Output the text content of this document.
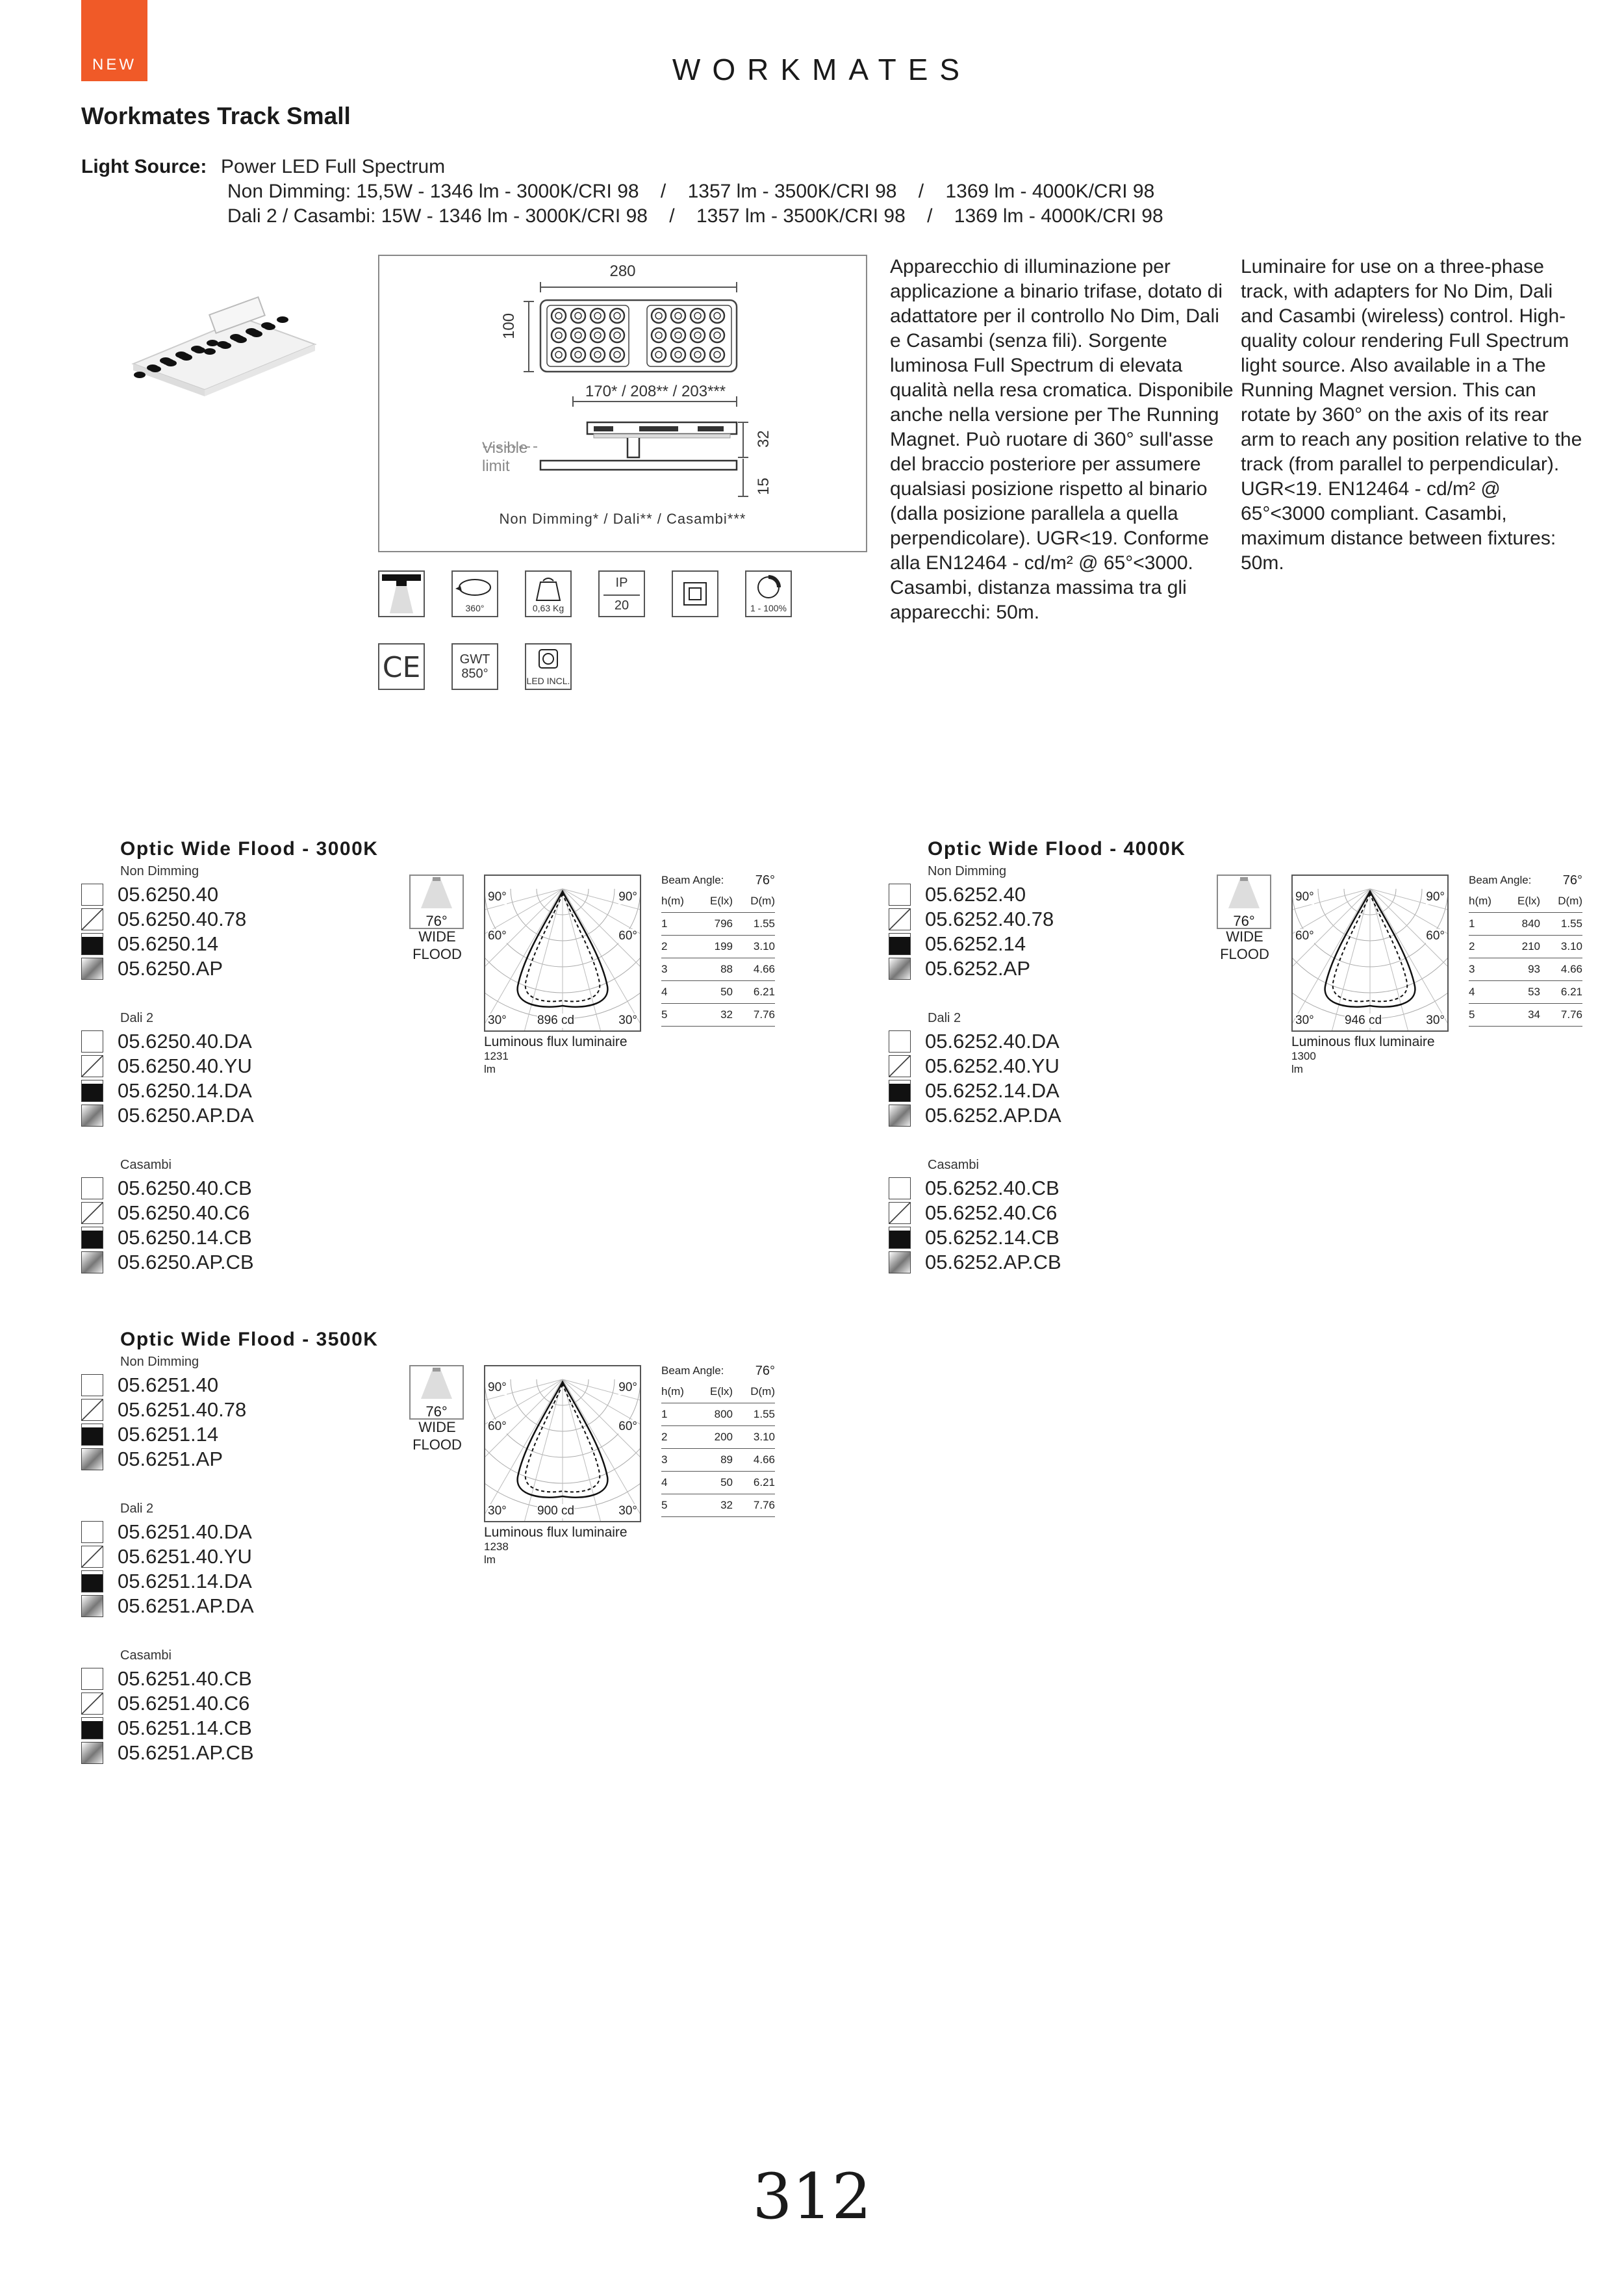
NEW	WORKMATES
Workmates Track Small
Light Source: Power LED Full Spectrum
Non Dimming: 15,5W - 1346 lm - 3000K/CRI 98    /    1357 lm - 3500K/CRI 98    /    1369 lm - 4000K/CRI 98
Dali 2 / Casambi: 15W - 1346 lm - 3000K/CRI 98    /    1357 lm - 3500K/CRI 98    /    1369 lm - 4000K/CRI 98
280
100
170* / 208** / 203***
32
15
Visible
limit
Non Dimming* / Dali** / Casambi***
360°	0,63 Kg
IP
20	1 - 100%
CE	GWT
850°	LED INCL.
Apparecchio di illuminazione per applicazione a binario trifase, dotato di adattatore per il controllo No Dim, Dali e Casambi (senza fili). Sorgente luminosa Full Spectrum di elevata qualità nella resa cromatica. Disponibile anche nella versione per The Running Magnet. Può ruotare di 360° sull'asse del braccio posteriore per assumere qualsiasi posizione rispetto al binario (dalla posizione parallela a quella perpendicolare). UGR<19. Conforme alla EN12464 - cd/m² @ 65°<3000. Casambi, distanza massima tra gli apparecchi: 50m.
Luminaire for use on a three-phase track, with adapters for No Dim, Dali and Casambi (wireless) control. High-quality colour rendering Full Spectrum light source. Also available in a The Running Magnet version. This can rotate by 360° on the axis of its rear arm to reach any position relative to the track (from parallel to perpendicular). UGR<19. EN12464 - cd/m² @ 65°<3000 compliant. Casambi, maximum distance between fixtures: 50m.
Optic Wide Flood - 3000K
Non Dimming
05.6250.40
05.6250.40.78
05.6250.14
05.6250.AP
Dali 2
05.6250.40.DA
05.6250.40.YU
05.6250.14.DA
05.6250.AP.DA
Casambi
05.6250.40.CB
05.6250.40.C6
05.6250.14.CB
05.6250.AP.CB
76°
WIDE
FLOOD
90°	90°
60°	60°
30°	30°
896 cd
Luminous flux luminaire
1231 lm
Beam Angle: 76°
h(m)	E(lx)	D(m)
1	796	1.55
2	199	3.10
3	88	4.66
4	50	6.21
5	32	7.76
Optic Wide Flood - 4000K
Non Dimming
05.6252.40
05.6252.40.78
05.6252.14
05.6252.AP
Dali 2
05.6252.40.DA
05.6252.40.YU
05.6252.14.DA
05.6252.AP.DA
Casambi
05.6252.40.CB
05.6252.40.C6
05.6252.14.CB
05.6252.AP.CB
76°
WIDE
FLOOD
90°	90°
60°	60°
30°	30°
946 cd
Luminous flux luminaire
1300 lm
Beam Angle: 76°
h(m)	E(lx)	D(m)
1	840	1.55
2	210	3.10
3	93	4.66
4	53	6.21
5	34	7.76
Optic Wide Flood - 3500K
Non Dimming
05.6251.40
05.6251.40.78
05.6251.14
05.6251.AP
Dali 2
05.6251.40.DA
05.6251.40.YU
05.6251.14.DA
05.6251.AP.DA
Casambi
05.6251.40.CB
05.6251.40.C6
05.6251.14.CB
05.6251.AP.CB
76°
WIDE
FLOOD
90°	90°
60°	60°
30°	30°
900 cd
Luminous flux luminaire
1238 lm
Beam Angle: 76°
h(m)	E(lx)	D(m)
1	800	1.55
2	200	3.10
3	89	4.66
4	50	6.21
5	32	7.76
312
